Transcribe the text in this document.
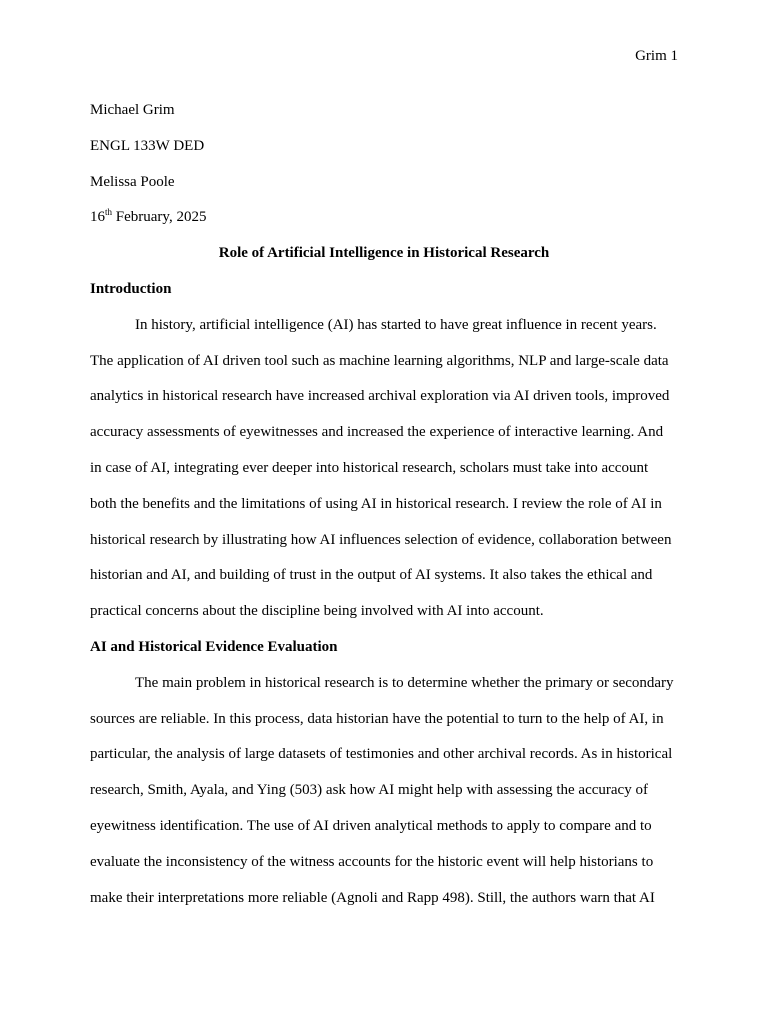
Grim 1
Michael Grim
ENGL 133W DED
Melissa Poole
16th February, 2025
Role of Artificial Intelligence in Historical Research
Introduction

In history, artificial intelligence (AI) has started to have great influence in recent years. The application of AI driven tool such as machine learning algorithms, NLP and large-scale data analytics in historical research have increased archival exploration via AI driven tools, improved accuracy assessments of eyewitnesses and increased the experience of interactive learning. And in case of AI, integrating ever deeper into historical research, scholars must take into account both the benefits and the limitations of using AI in historical research. I review the role of AI in historical research by illustrating how AI influences selection of evidence, collaboration between historian and AI, and building of trust in the output of AI systems. It also takes the ethical and practical concerns about the discipline being involved with AI into account.

AI and Historical Evidence Evaluation

The main problem in historical research is to determine whether the primary or secondary sources are reliable. In this process, data historian have the potential to turn to the help of AI, in particular, the analysis of large datasets of testimonies and other archival records. As in historical research, Smith, Ayala, and Ying (503) ask how AI might help with assessing the accuracy of eyewitness identification. The use of AI driven analytical methods to apply to compare and to evaluate the inconsistency of the witness accounts for the historic event will help historians to make their interpretations more reliable (Agnoli and Rapp 498). Still, the authors warn that AI
